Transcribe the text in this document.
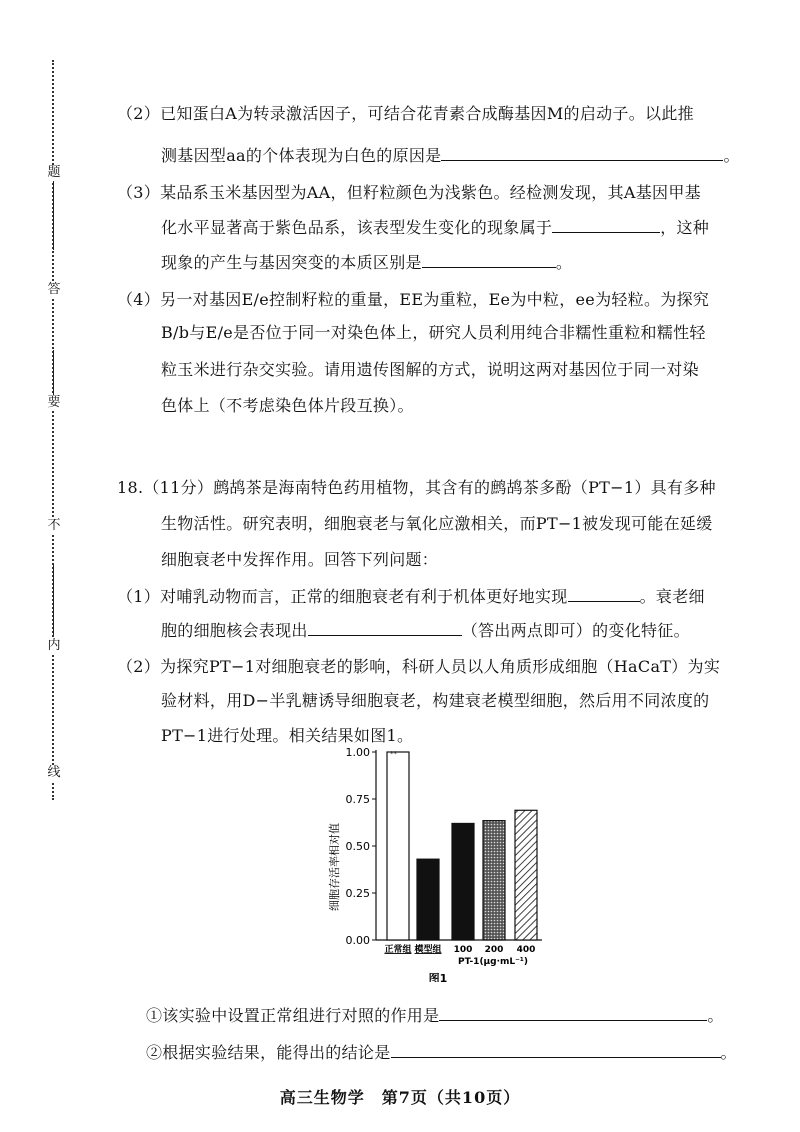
题
答
要
不
内
线
（2）已知蛋白A为转录激活因子，可结合花青素合成酶基因M的启动子。以此推
测基因型aa的个体表现为白色的原因是	。
（3）某品系玉米基因型为AA，但籽粒颜色为浅紫色。经检测发现，其A基因甲基
化水平显著高于紫色品系，该表型发生变化的现象属于	，这种
现象的产生与基因突变的本质区别是	。
（4）另一对基因E/e控制籽粒的重量，EE为重粒，Ee为中粒，ee为轻粒。为探究
B/b与E/e是否位于同一对染色体上，研究人员利用纯合非糯性重粒和糯性轻
粒玉米进行杂交实验。请用遗传图解的方式，说明这两对基因位于同一对染
色体上（不考虑染色体片段互换）。
18.（11分）鹧鸪茶是海南特色药用植物，其含有的鹧鸪茶多酚（PT−1）具有多种
生物活性。研究表明，细胞衰老与氧化应激相关，而PT−1被发现可能在延缓
细胞衰老中发挥作用。回答下列问题：
（1）对哺乳动物而言，正常的细胞衰老有利于机体更好地实现	。衰老细
胞的细胞核会表现出	（答出两点即可）的变化特征。
（2）为探究PT−1对细胞衰老的影响，科研人员以人角质形成细胞（HaCaT）为实
验材料，用D−半乳糖诱导细胞衰老，构建衰老模型细胞，然后用不同浓度的
PT−1进行处理。相关结果如图1。
细胞存活率相对值
0.00
0.25
0.50
0.75
1.00
正常组 模型组 100 200 400
**
PT-1(μg·mL⁻¹)
图1
①该实验中设置正常组进行对照的作用是	。
②根据实验结果，能得出的结论是	。
高三生物学　第7页（共10页）
